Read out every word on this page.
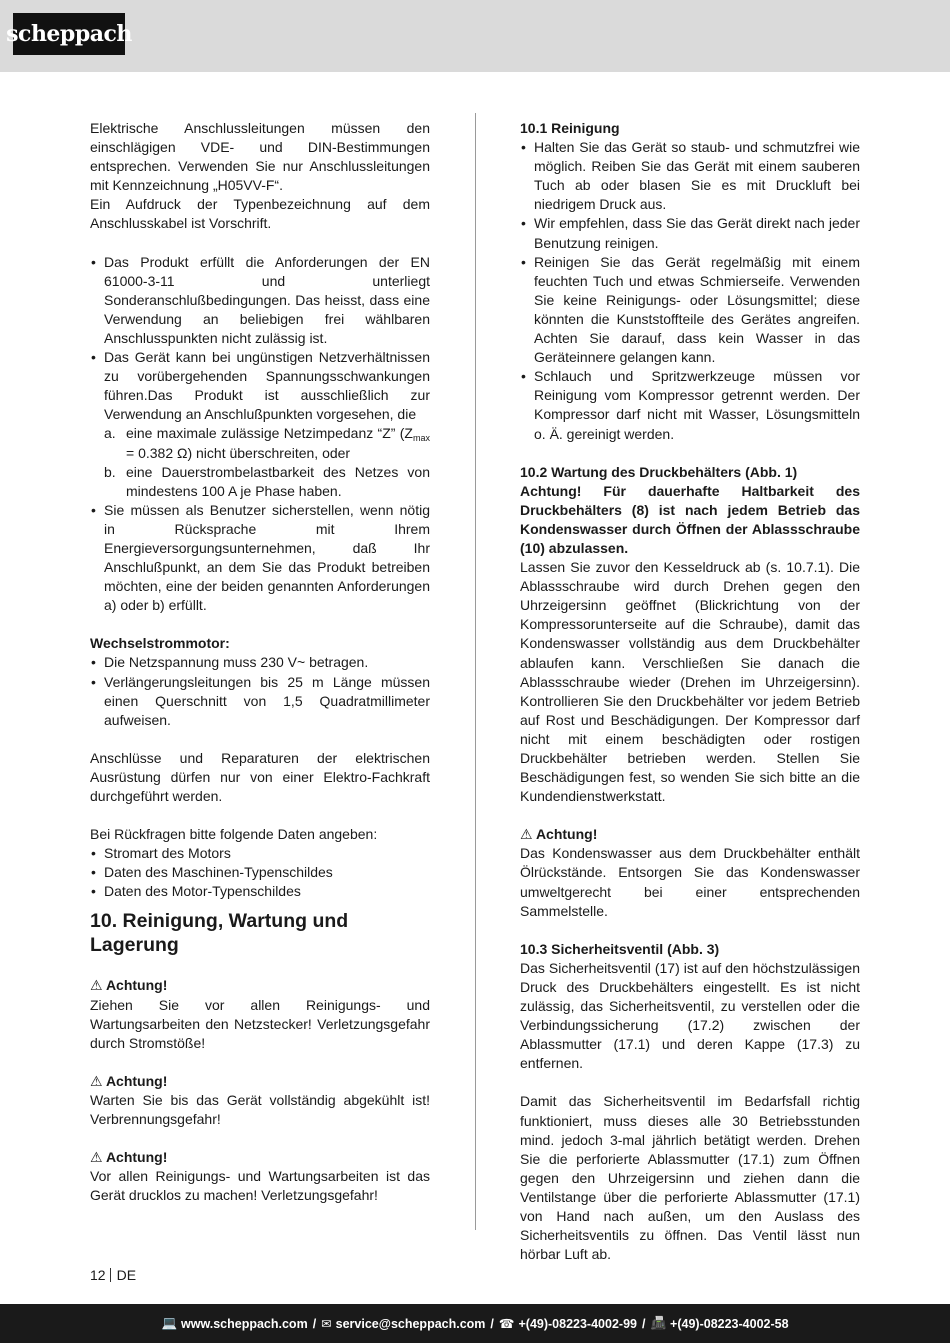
scheppach

Elektrische Anschlussleitungen müssen den einschlägigen VDE- und DIN-Bestimmungen entsprechen. Verwenden Sie nur Anschlussleitungen mit Kennzeichnung „H05VV-F“.

Ein Aufdruck der Typenbezeichnung auf dem Anschlusskabel ist Vorschrift.

• Das Produkt erfüllt die Anforderungen der EN 61000-3-11 und unterliegt Sonderanschlußbedingungen. Das heisst, dass eine Verwendung an beliebigen frei wählbaren Anschlusspunkten nicht zulässig ist.
• Das Gerät kann bei ungünstigen Netzverhältnissen zu vorübergehenden Spannungsschwankungen führen.Das Produkt ist ausschließlich zur Verwendung an Anschlußpunkten vorgesehen, die
a. eine maximale zulässige Netzimpedanz “Z” ($Z_{max} = 0.382$ Ω) nicht überschreiten, oder
b. eine Dauerstrombelastbarkeit des Netzes von mindestens 100 A je Phase haben.
• Sie müssen als Benutzer sicherstellen, wenn nötig in Rücksprache mit Ihrem Energieversorgungsunternehmen, daß Ihr Anschlußpunkt, an dem Sie das Produkt betreiben möchten, eine der beiden genannten Anforderungen a) oder b) erfüllt.

Wechselstrommotor:

• Die Netzspannung muss 230 V~ betragen.
• Verlängerungsleitungen bis 25 m Länge müssen einen Querschnitt von 1,5 Quadratmillimeter aufweisen.

Anschlüsse und Reparaturen der elektrischen Ausrüstung dürfen nur von einer Elektro-Fachkraft durchgeführt werden.

Bei Rückfragen bitte folgende Daten angeben:

• Stromart des Motors
• Daten des Maschinen-Typenschildes
• Daten des Motor-Typenschildes
10. Reinigung, Wartung und Lagerung

⚠ Achtung!

Ziehen Sie vor allen Reinigungs- und Wartungsarbeiten den Netzstecker! Verletzungsgefahr durch Stromstöße!

⚠ Achtung!

Warten Sie bis das Gerät vollständig abgekühlt ist! Verbrennungsgefahr!

⚠ Achtung!

Vor allen Reinigungs- und Wartungsarbeiten ist das Gerät drucklos zu machen! Verletzungsgefahr!

10.1 Reinigung

• Halten Sie das Gerät so staub- und schmutzfrei wie möglich. Reiben Sie das Gerät mit einem sauberen Tuch ab oder blasen Sie es mit Druckluft bei niedrigem Druck aus.
• Wir empfehlen, dass Sie das Gerät direkt nach jeder Benutzung reinigen.
• Reinigen Sie das Gerät regelmäßig mit einem feuchten Tuch und etwas Schmierseife. Verwenden Sie keine Reinigungs- oder Lösungsmittel; diese könnten die Kunststoffteile des Gerätes angreifen. Achten Sie darauf, dass kein Wasser in das Geräteinnere gelangen kann.
• Schlauch und Spritzwerkzeuge müssen vor Reinigung vom Kompressor getrennt werden. Der Kompressor darf nicht mit Wasser, Lösungsmitteln o. Ä. gereinigt werden.

10.2 Wartung des Druckbehälters (Abb. 1)

Achtung! Für dauerhafte Haltbarkeit des Druckbehälters (8) ist nach jedem Betrieb das Kondenswasser durch Öffnen der Ablassschraube (10) abzulassen.

Lassen Sie zuvor den Kesseldruck ab (s. 10.7.1). Die Ablassschraube wird durch Drehen gegen den Uhrzeigersinn geöffnet (Blickrichtung von der Kompressorunterseite auf die Schraube), damit das Kondenswasser vollständig aus dem Druckbehälter ablaufen kann. Verschließen Sie danach die Ablassschraube wieder (Drehen im Uhrzeigersinn). Kontrollieren Sie den Druckbehälter vor jedem Betrieb auf Rost und Beschädigungen. Der Kompressor darf nicht mit einem beschädigten oder rostigen Druckbehälter betrieben werden. Stellen Sie Beschädigungen fest, so wenden Sie sich bitte an die Kundendienstwerkstatt.

⚠ Achtung!

Das Kondenswasser aus dem Druckbehälter enthält Ölrückstände. Entsorgen Sie das Kondenswasser umweltgerecht bei einer entsprechenden Sammelstelle.

10.3 Sicherheitsventil (Abb. 3)

Das Sicherheitsventil (17) ist auf den höchstzulässigen Druck des Druckbehälters eingestellt. Es ist nicht zulässig, das Sicherheitsventil, zu verstellen oder die Verbindungssicherung (17.2) zwischen der Ablassmutter (17.1) und deren Kappe (17.3) zu entfernen.

Damit das Sicherheitsventil im Bedarfsfall richtig funktioniert, muss dieses alle 30 Betriebsstunden mind. jedoch 3-mal jährlich betätigt werden. Drehen Sie die perforierte Ablassmutter (17.1) zum Öffnen gegen den Uhrzeigersinn und ziehen dann die Ventilstange über die perforierte Ablassmutter (17.1) von Hand nach außen, um den Auslass des Sicherheitsventils zu öffnen. Das Ventil lässt nun hörbar Luft ab.

12 DE
💻 www.scheppach.com / ✉ service@scheppach.com / ☎ +(49)-08223-4002-99 / 📠 +(49)-08223-4002-58
